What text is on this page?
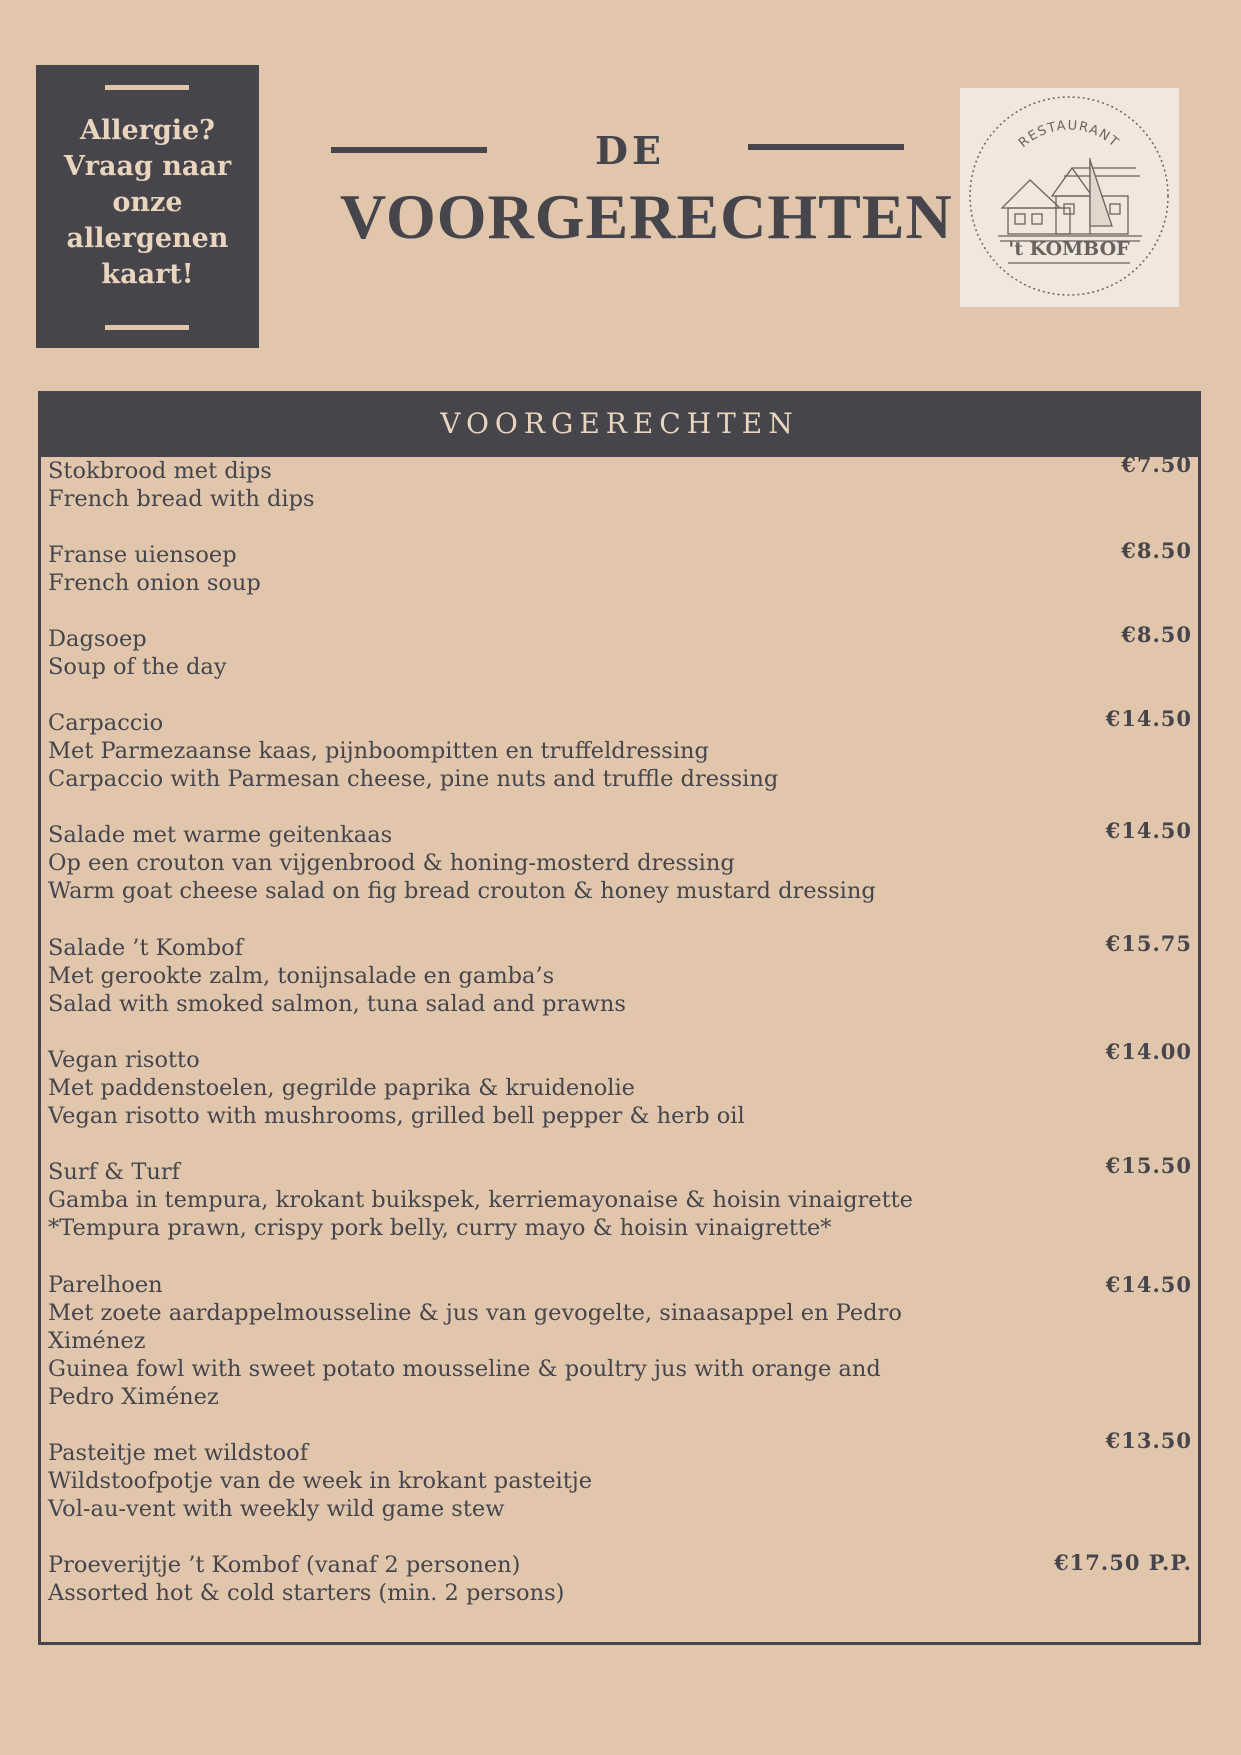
Allergie?
Vraag naar
onze
allergenen
kaart!
DE
VOORGERECHTEN
RESTAURANT
't KOMBOF
VOORGERECHTEN
Stokbrood met dips
French bread with dips
€7.50
Franse uiensoep
French onion soup
€8.50
Dagsoep
Soup of the day
€8.50
Carpaccio
Met Parmezaanse kaas, pijnboompitten en truffeldressing
Carpaccio with Parmesan cheese, pine nuts and truffle dressing
€14.50
Salade met warme geitenkaas
Op een crouton van vijgenbrood & honing-mosterd dressing
Warm goat cheese salad on fig bread crouton & honey mustard dressing
€14.50
Salade ’t Kombof
Met gerookte zalm, tonijnsalade en gamba’s
Salad with smoked salmon, tuna salad and prawns
€15.75
Vegan risotto
Met paddenstoelen, gegrilde paprika & kruidenolie
Vegan risotto with mushrooms, grilled bell pepper & herb oil
€14.00
Surf & Turf
Gamba in tempura, krokant buikspek, kerriemayonaise & hoisin vinaigrette
*Tempura prawn, crispy pork belly, curry mayo & hoisin vinaigrette*
€15.50
Parelhoen
Met zoete aardappelmousseline & jus van gevogelte, sinaasappel en Pedro
Ximénez
Guinea fowl with sweet potato mousseline & poultry jus with orange and
Pedro Ximénez
€14.50
Pasteitje met wildstoof
Wildstoofpotje van de week in krokant pasteitje
Vol-au-vent with weekly wild game stew
€13.50
Proeverijtje ’t Kombof (vanaf 2 personen)
Assorted hot & cold starters (min. 2 persons)
€17.50 P.P.
